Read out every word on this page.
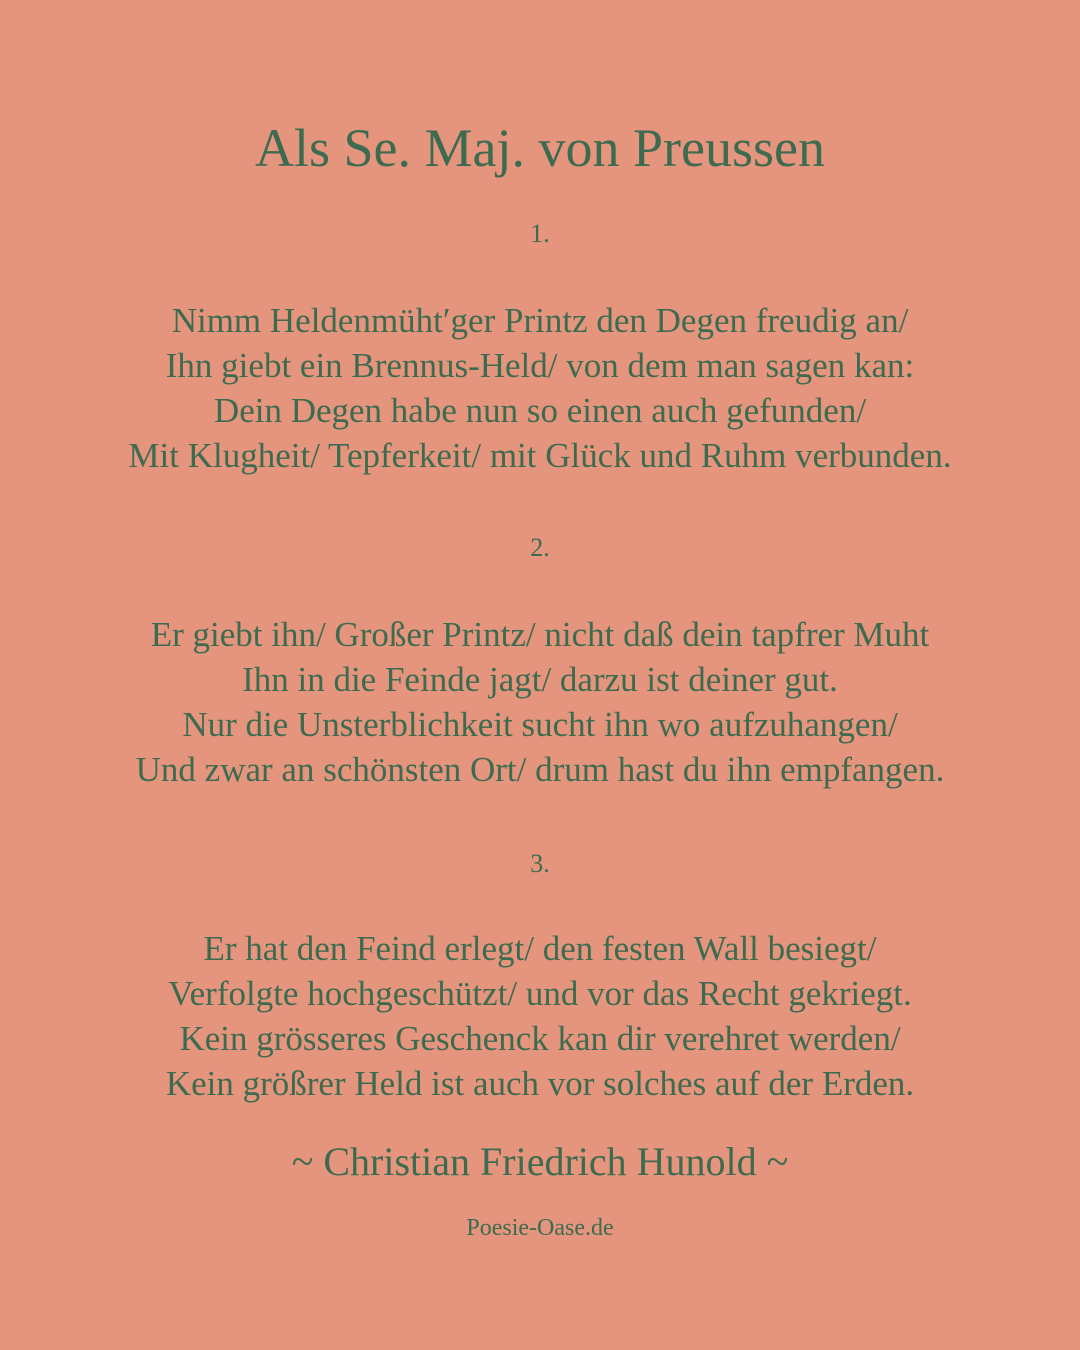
Als Se. Maj. von Preussen
1.
Nimm Heldenmüht′ger Printz den Degen freudig an/
Ihn giebt ein Brennus-Held/ von dem man sagen kan:
Dein Degen habe nun so einen auch gefunden/
Mit Klugheit/ Tepferkeit/ mit Glück und Ruhm verbunden.
2.
Er giebt ihn/ Großer Printz/ nicht daß dein tapfrer Muht
Ihn in die Feinde jagt/ darzu ist deiner gut.
Nur die Unsterblichkeit sucht ihn wo aufzuhangen/
Und zwar an schönsten Ort/ drum hast du ihn empfangen.
3.
Er hat den Feind erlegt/ den festen Wall besiegt/
Verfolgte hochgeschützt/ und vor das Recht gekriegt.
Kein grösseres Geschenck kan dir verehret werden/
Kein größrer Held ist auch vor solches auf der Erden.
~ Christian Friedrich Hunold ~
Poesie-Oase.de
